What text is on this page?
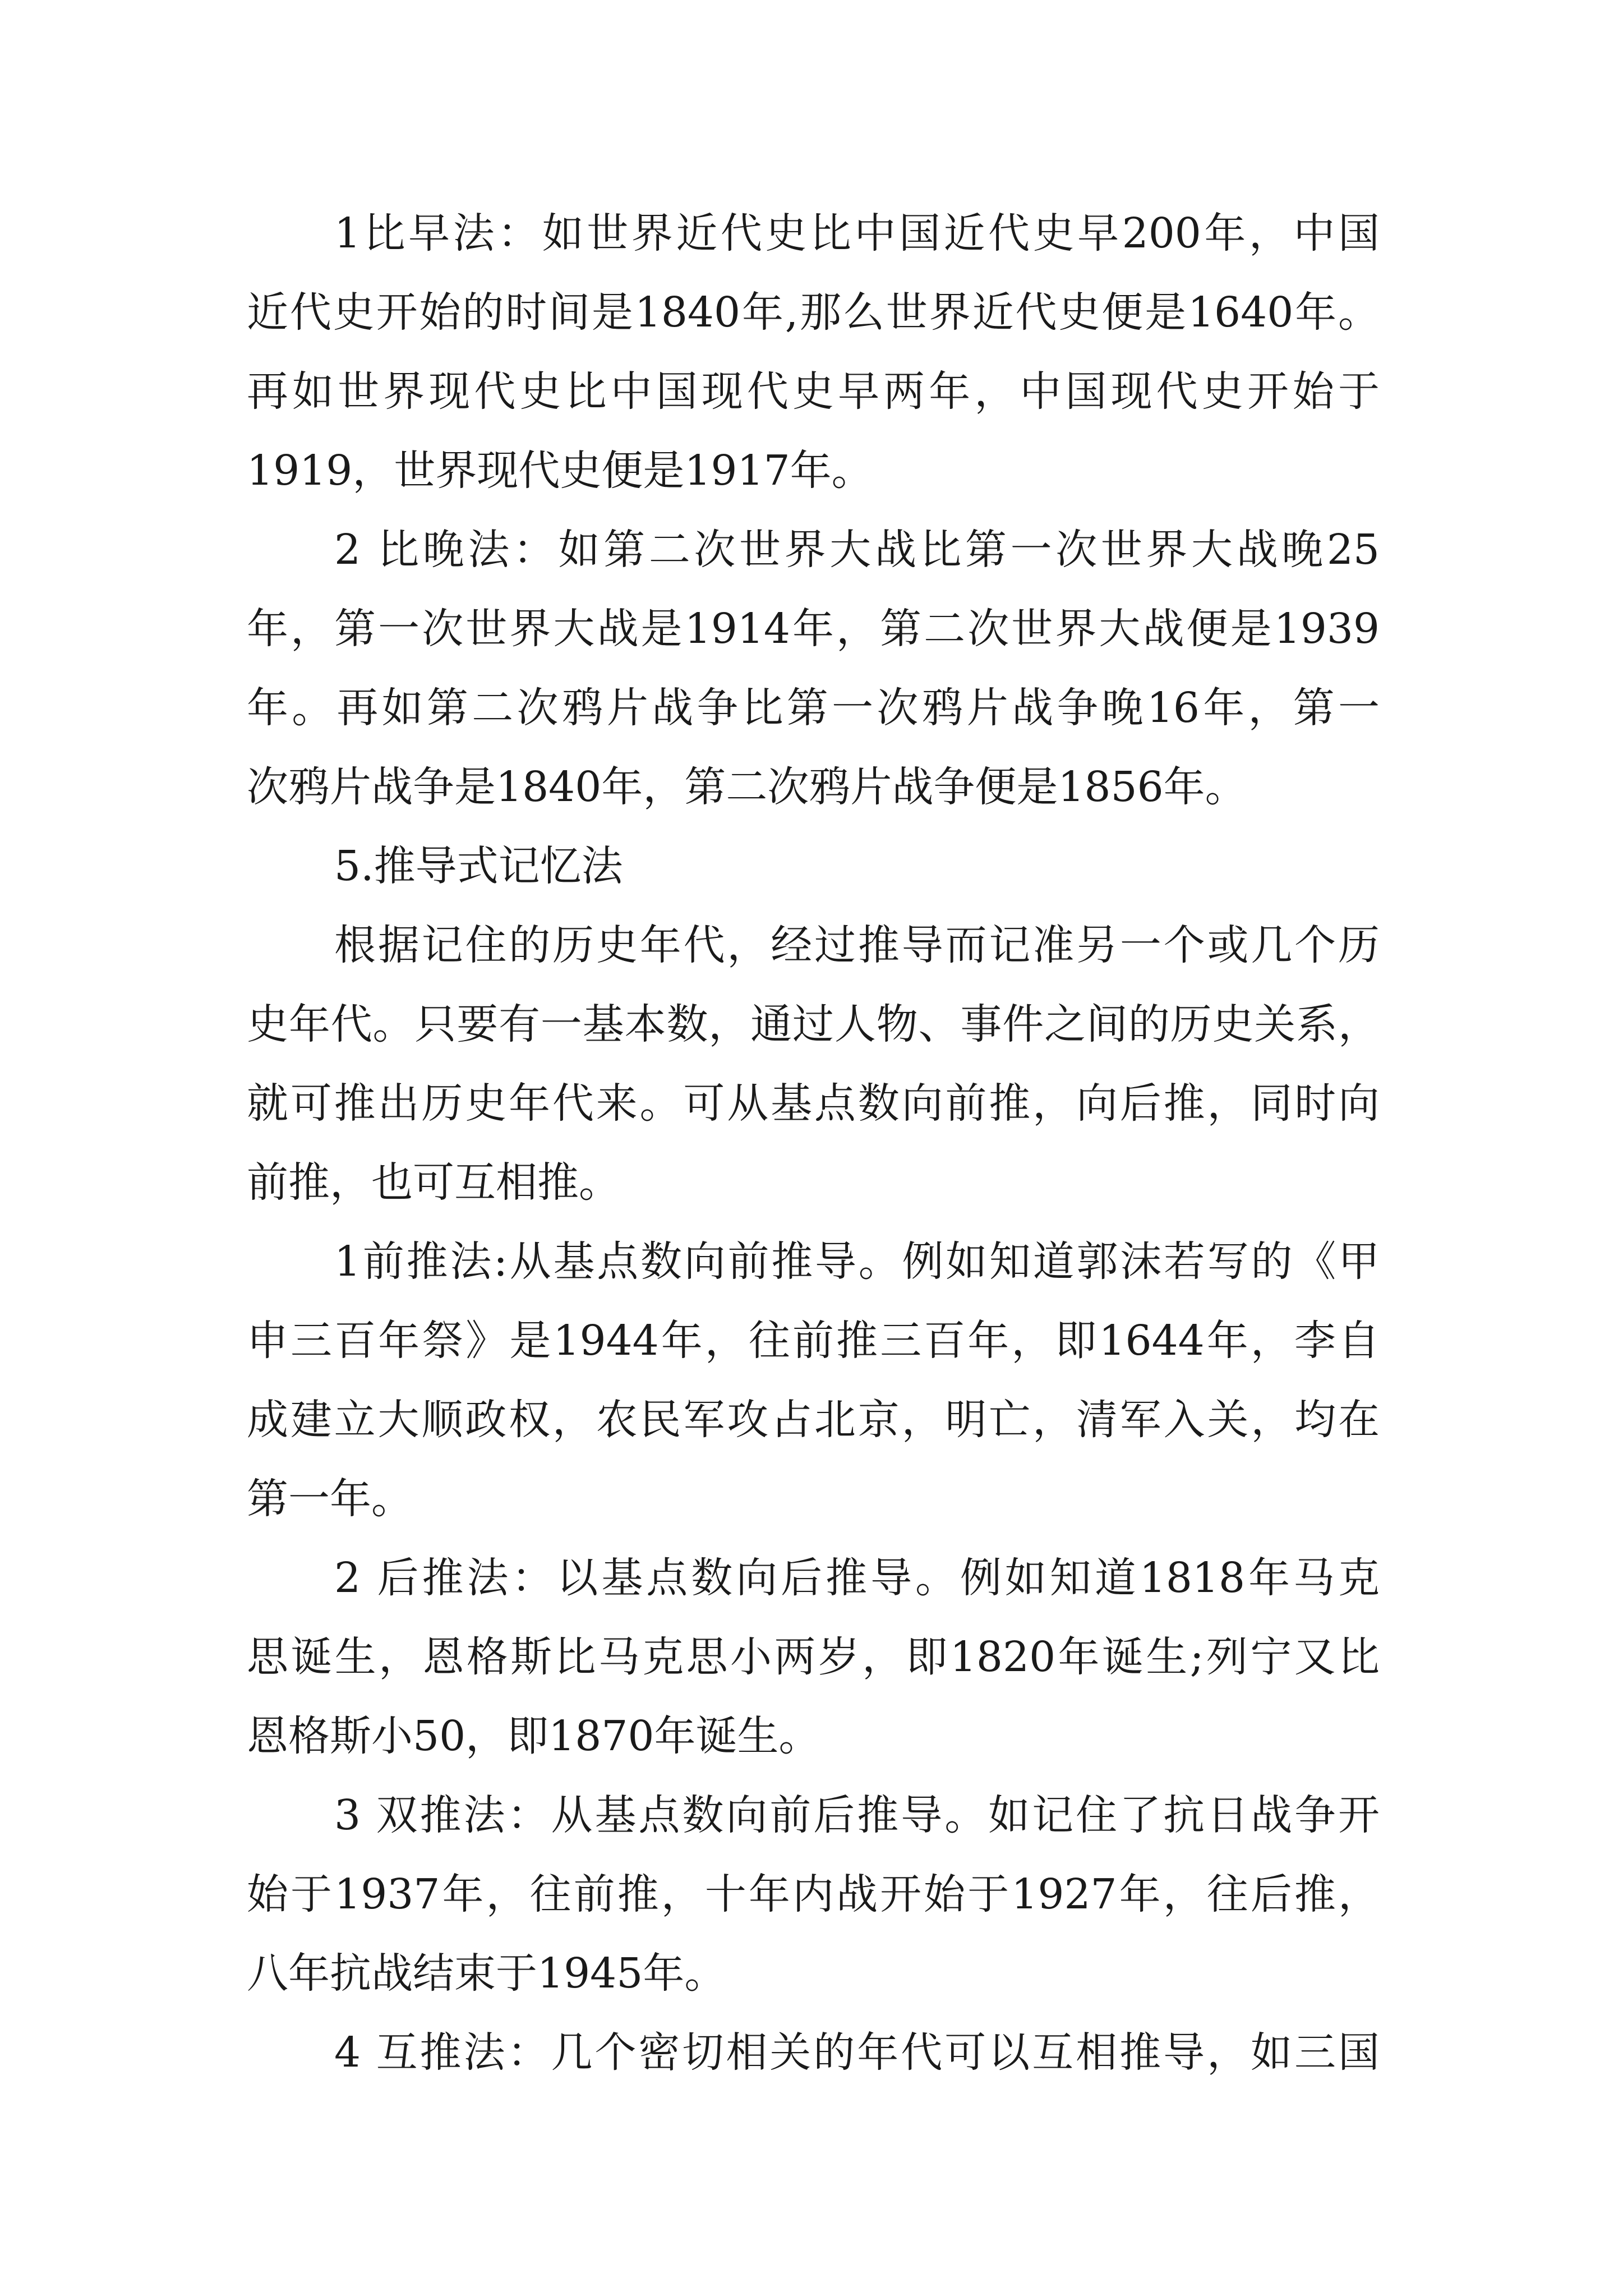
1比早法：如世界近代史比中国近代史早200年，中国
近代史开始的时间是1840年,那么世界近代史便是1640年。
再如世界现代史比中国现代史早两年，中国现代史开始于
1919，世界现代史便是1917年。
2 比晚法：如第二次世界大战比第一次世界大战晚25
年，第一次世界大战是1914年，第二次世界大战便是1939
年。再如第二次鸦片战争比第一次鸦片战争晚16年，第一
次鸦片战争是1840年，第二次鸦片战争便是1856年。
5.推导式记忆法
根据记住的历史年代，经过推导而记准另一个或几个历
史年代。只要有一基本数，通过人物、事件之间的历史关系，
就可推出历史年代来。可从基点数向前推，向后推，同时向
前推，也可互相推。
1前推法:从基点数向前推导。例如知道郭沫若写的《甲
申三百年祭》是1944年，往前推三百年，即1644年，李自
成建立大顺政权，农民军攻占北京，明亡，清军入关，均在
第一年。
2 后推法：以基点数向后推导。例如知道1818年马克
思诞生，恩格斯比马克思小两岁，即1820年诞生;列宁又比
恩格斯小50，即1870年诞生。
3 双推法：从基点数向前后推导。如记住了抗日战争开
始于1937年，往前推，十年内战开始于1927年，往后推，
八年抗战结束于1945年。
4 互推法：几个密切相关的年代可以互相推导，如三国
